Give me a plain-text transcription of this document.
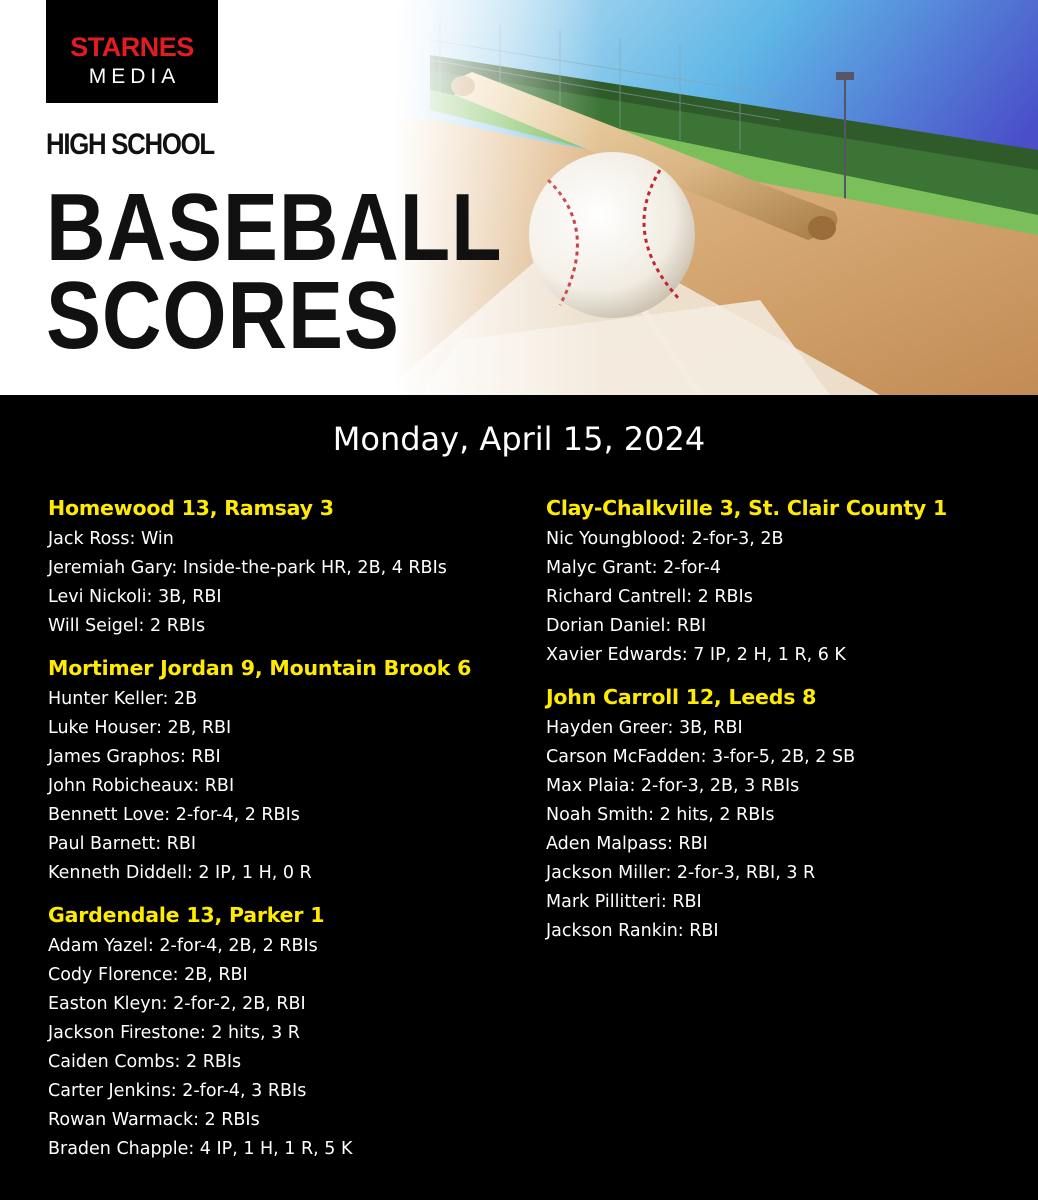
STARNES
MEDIA
HIGH SCHOOL
BASEBALL
SCORES
Monday, April 15, 2024

Homewood 13, Ramsay 3

Jack Ross: Win

Jeremiah Gary: Inside-the-park HR, 2B, 4 RBIs

Levi Nickoli: 3B, RBI

Will Seigel: 2 RBIs

Mortimer Jordan 9, Mountain Brook 6

Hunter Keller: 2B

Luke Houser: 2B, RBI

James Graphos: RBI

John Robicheaux: RBI

Bennett Love: 2-for-4, 2 RBIs

Paul Barnett: RBI

Kenneth Diddell: 2 IP, 1 H, 0 R

Gardendale 13, Parker 1

Adam Yazel: 2-for-4, 2B, 2 RBIs

Cody Florence: 2B, RBI

Easton Kleyn: 2-for-2, 2B, RBI

Jackson Firestone: 2 hits, 3 R

Caiden Combs: 2 RBIs

Carter Jenkins: 2-for-4, 3 RBIs

Rowan Warmack: 2 RBIs

Braden Chapple: 4 IP, 1 H, 1 R, 5 K

Clay-Chalkville 3, St. Clair County 1

Nic Youngblood: 2-for-3, 2B

Malyc Grant: 2-for-4

Richard Cantrell: 2 RBIs

Dorian Daniel: RBI

Xavier Edwards: 7 IP, 2 H, 1 R, 6 K

John Carroll 12, Leeds 8

Hayden Greer: 3B, RBI

Carson McFadden: 3-for-5, 2B, 2 SB

Max Plaia: 2-for-3, 2B, 3 RBIs

Noah Smith: 2 hits, 2 RBIs

Aden Malpass: RBI

Jackson Miller: 2-for-3, RBI, 3 R

Mark Pillitteri: RBI

Jackson Rankin: RBI
